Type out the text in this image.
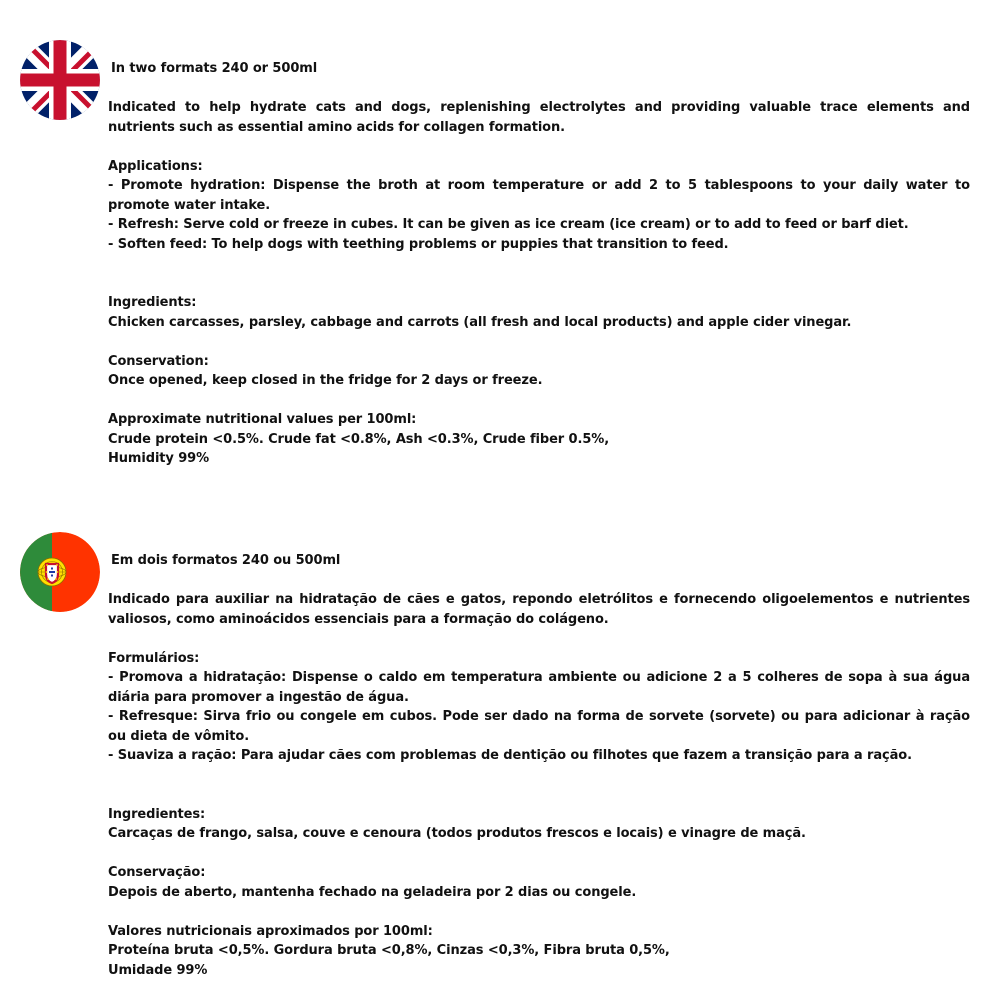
In two formats 240 or 500ml

Indicated to help hydrate cats and dogs, replenishing electrolytes and providing valuable trace elements and nutrients such as essential amino acids for collagen formation.

Applications:

- Promote hydration: Dispense the broth at room temperature or add 2 to 5 tablespoons to your daily water to promote water intake.

- Refresh: Serve cold or freeze in cubes. It can be given as ice cream (ice cream) or to add to feed or barf diet.

- Soften feed: To help dogs with teething problems or puppies that transition to feed.

Ingredients:

Chicken carcasses, parsley, cabbage and carrots (all fresh and local products) and apple cider vinegar.

Conservation:

Once opened, keep closed in the fridge for 2 days or freeze.

Approximate nutritional values per 100ml:
Crude protein <0.5%. Crude fat <0.8%, Ash <0.3%, Crude fiber 0.5%,
Humidity 99%
Em dois formatos 240 ou 500ml

Indicado para auxiliar na hidratação de cães e gatos, repondo eletrólitos e fornecendo oligoelementos e nutrientes valiosos, como aminoácidos essenciais para a formação do colágeno.

Formulários:

- Promova a hidratação: Dispense o caldo em temperatura ambiente ou adicione 2 a 5 colheres de sopa à sua água diária para promover a ingestão de água.

- Refresque: Sirva frio ou congele em cubos. Pode ser dado na forma de sorvete (sorvete) ou para adicionar à ração ou dieta de vômito.

- Suaviza a ração: Para ajudar cães com problemas de dentição ou filhotes que fazem a transição para a ração.

Ingredientes:

Carcaças de frango, salsa, couve e cenoura (todos produtos frescos e locais) e vinagre de maçã.

Conservação:

Depois de aberto, mantenha fechado na geladeira por 2 dias ou congele.

Valores nutricionais aproximados por 100ml:
Proteína bruta <0,5%. Gordura bruta <0,8%, Cinzas <0,3%, Fibra bruta 0,5%,
Umidade 99%
